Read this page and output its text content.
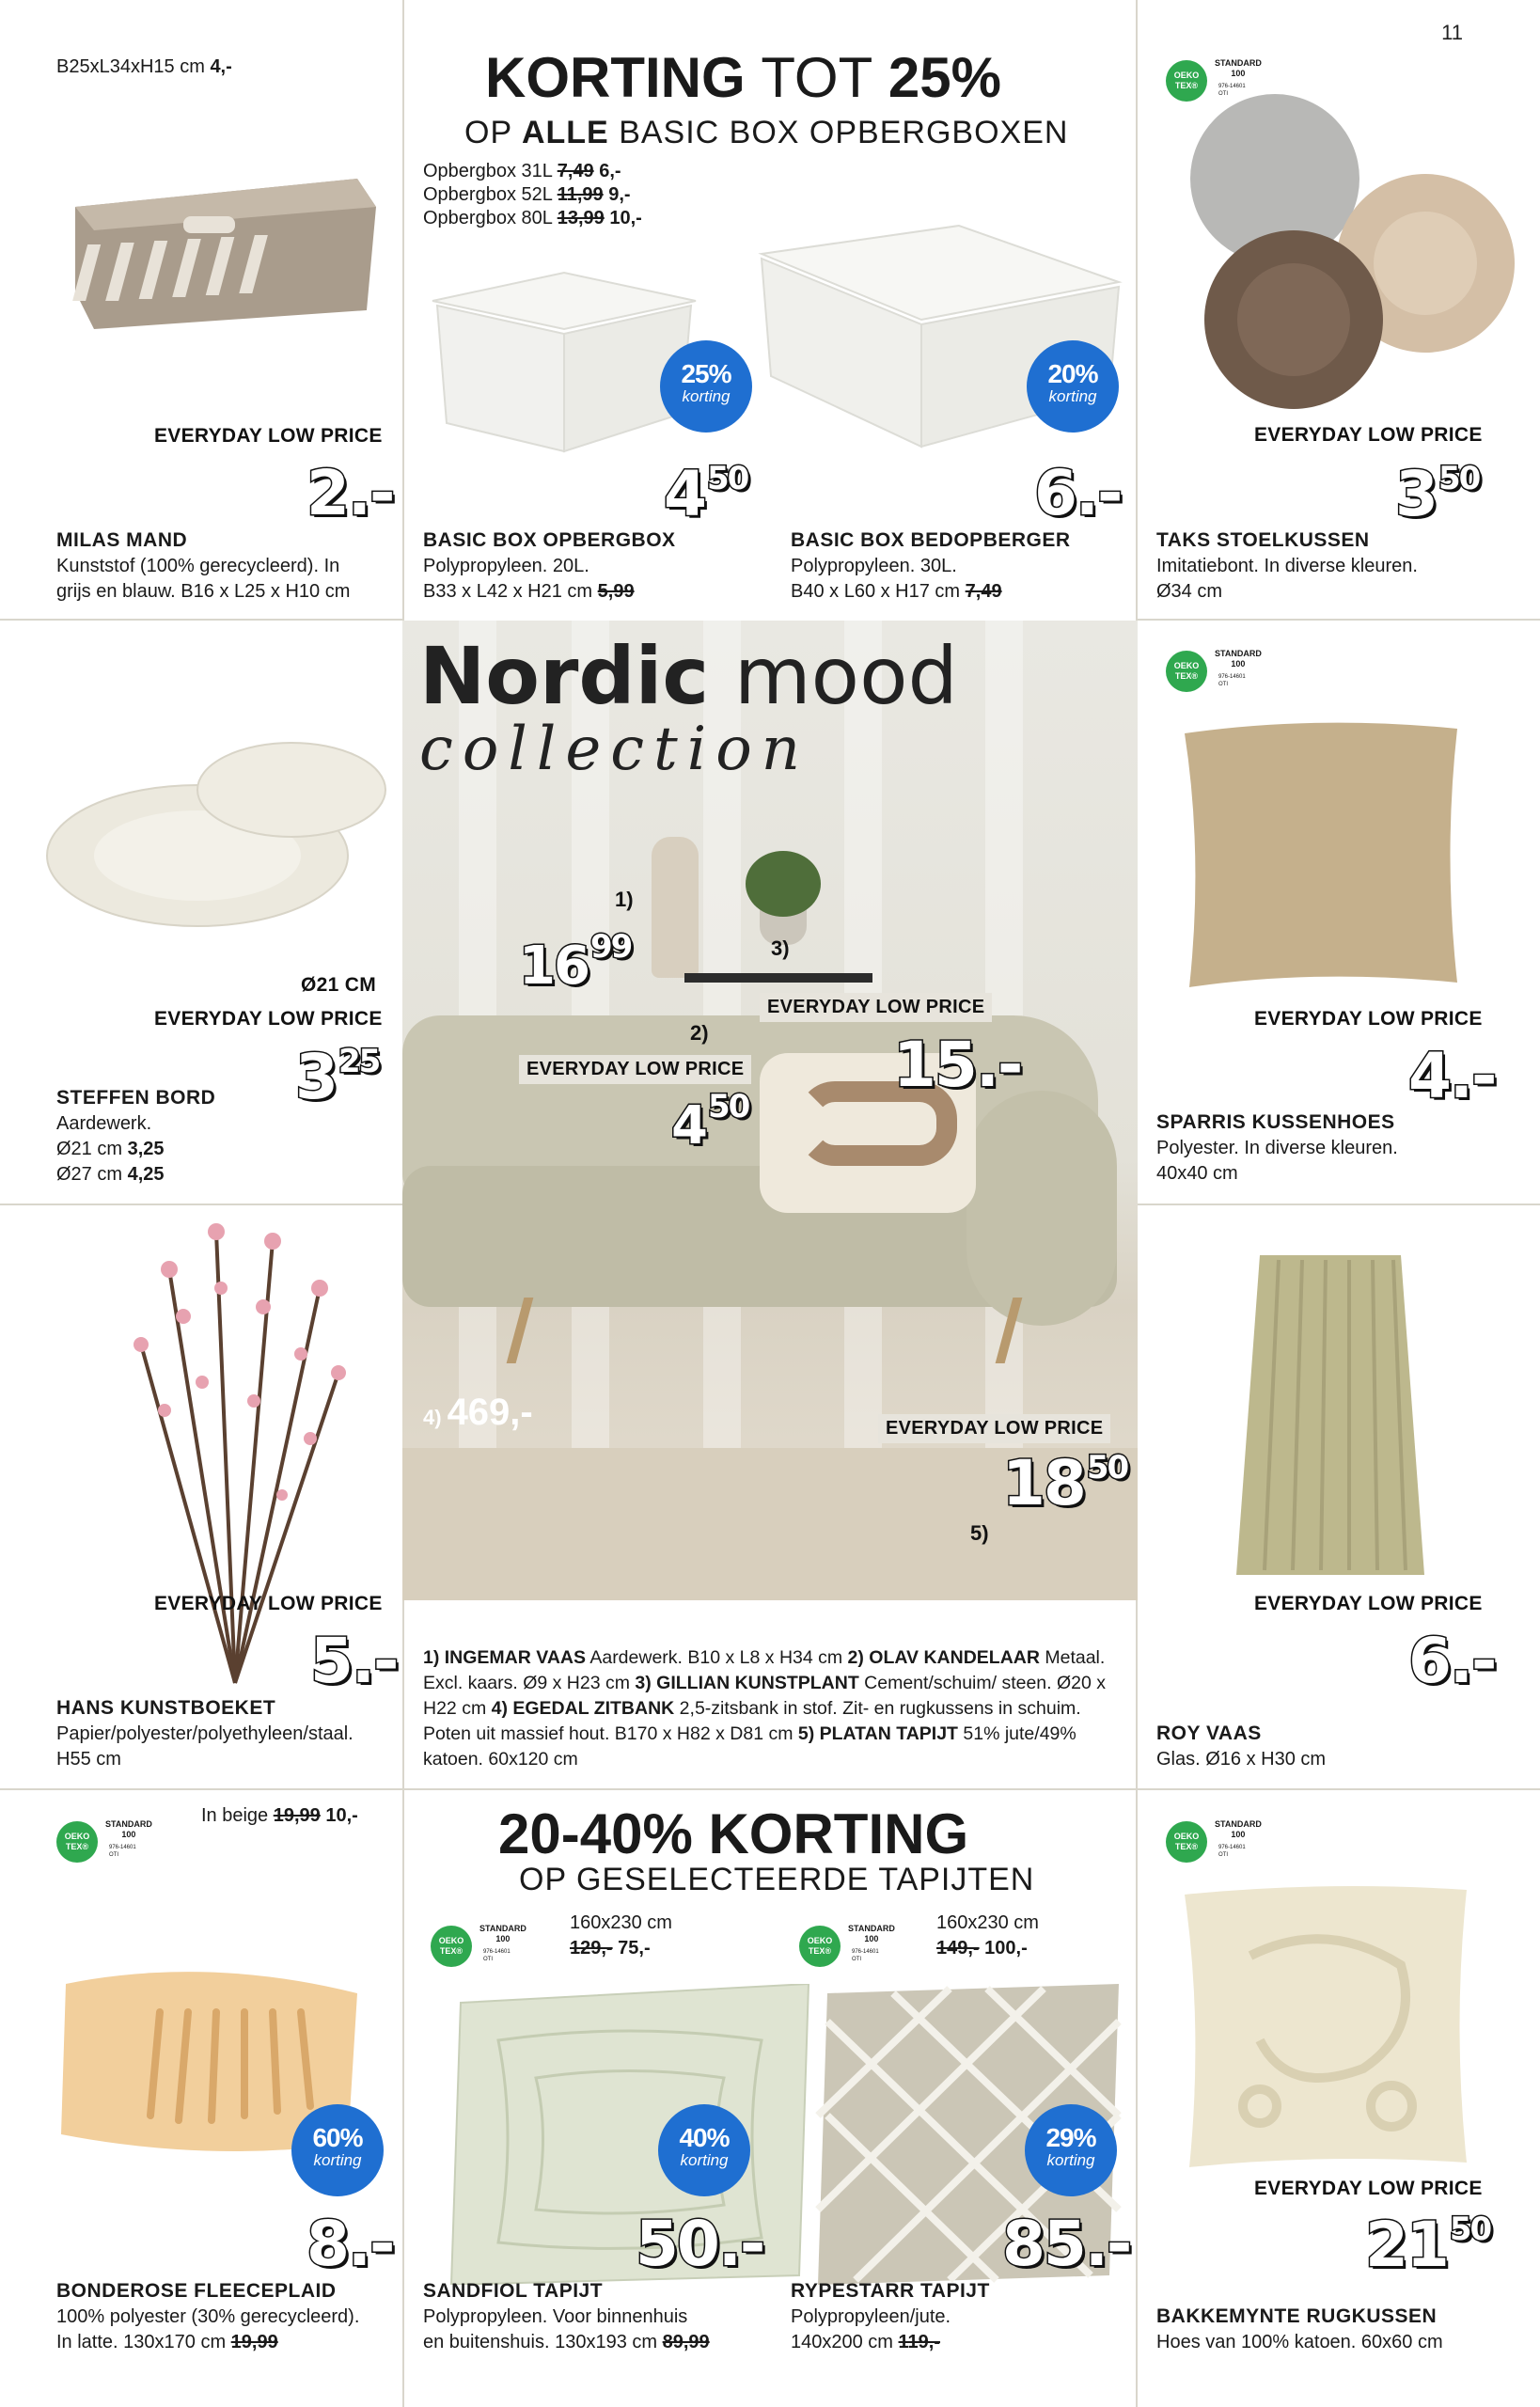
11
B25xL34xH15 cm 4,-
EVERYDAY LOW PRICE
2.-
MILAS MAND
Kunststof (100% gerecycleerd). In
grijs en blauw. B16 x L25 x H10 cm
KORTING TOT 25%
OP ALLE BASIC BOX OPBERGBOXEN
Opbergbox 31L 7,49 6,-
Opbergbox 52L 11,99 9,-
Opbergbox 80L 13,99 10,-
25%
korting
20%
korting
$4^{50}$	6.-
BASIC BOX OPBERGBOX
Polypropyleen. 20L.
B33 x L42 x H21 cm 5,99
BASIC BOX BEDOPBERGER
Polypropyleen. 30L.
B40 x L60 x H17 cm 7,49
OEKO TEX®
STANDARD
100
976-14601
OTI
EVERYDAY LOW PRICE
$3^{50}$
TAKS STOELKUSSEN
Imitatiebont. In diverse kleuren.
Ø34 cm
Ø21 CM
EVERYDAY LOW PRICE
$3^{25}$
STEFFEN BORD
Aardewerk.
Ø21 cm 3,25
Ø27 cm 4,25
Nordic mood
collection
1)
$16^{99}$	3)
EVERYDAY LOW PRICE
2)	15.-
EVERYDAY LOW PRICE
$4^{50}$
4) 469,-	EVERYDAY LOW PRICE
$18^{50}$
5)
1) INGEMAR VAAS Aardewerk. B10 x L8 x H34 cm 2) OLAV KANDELAAR Metaal. Excl. kaars. Ø9 x H23 cm 3) GILLIAN KUNSTPLANT Cement/schuim/ steen. Ø20 x H22 cm 4) EGEDAL ZITBANK 2,5-zitsbank in stof. Zit- en rugkussens in schuim. Poten uit massief hout. B170 x H82 x D81 cm 5) PLATAN TAPIJT 51% jute/49% katoen. 60x120 cm
OEKO TEX®
STANDARD
100
976-14601
OTI
EVERYDAY LOW PRICE
4.-
SPARRIS KUSSENHOES
Polyester. In diverse kleuren.
40x40 cm
EVERYDAY LOW PRICE
5.-
HANS KUNSTBOEKET
Papier/polyester/polyethyleen/staal.
H55 cm
EVERYDAY LOW PRICE
6.-
ROY VAAS
Glas. Ø16 x H30 cm
OEKO TEX®
STANDARD
100
976-14601
OTI
In beige 19,99 10,-
60%
korting
8.-
BONDEROSE FLEECEPLAID
100% polyester (30% gerecycleerd).
In latte. 130x170 cm 19,99
20-40% KORTING
OP GESELECTEERDE TAPIJTEN
OEKO TEX®
STANDARD
100
976-14601
OTI
160x230 cm
129,- 75,-	OEKO TEX®
STANDARD
100
976-14601
OTI
160x230 cm
149,- 100,-
40%
korting
29%
korting
50.-	85.-
SANDFIOL TAPIJT
Polypropyleen. Voor binnenhuis
en buitenshuis. 130x193 cm 89,99
RYPESTARR TAPIJT
Polypropyleen/jute.
140x200 cm 119,-
OEKO TEX®
STANDARD
100
976-14601
OTI
EVERYDAY LOW PRICE
$21^{50}$
BAKKEMYNTE RUGKUSSEN
Hoes van 100% katoen. 60x60 cm
